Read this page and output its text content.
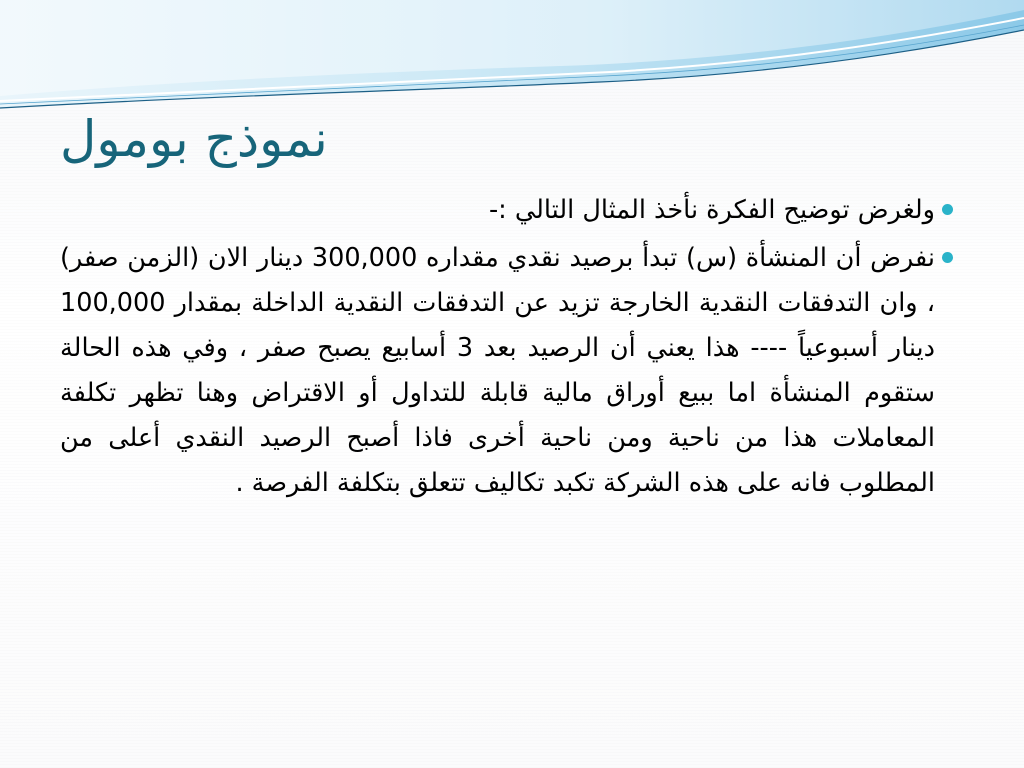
نموذج بومول
ولغرض توضيح الفكرة نأخذ المثال التالي :-
نفرض أن المنشأة (س) تبدأ برصيد نقدي مقداره 300,000 دينار الان (الزمن صفر) ، وان التدفقات النقدية الخارجة تزيد عن التدفقات النقدية الداخلة بمقدار 100,000 دينار أسبوعياً ---- هذا يعني أن الرصيد بعد 3 أسابيع يصبح صفر ، وفي هذه الحالة ستقوم المنشأة اما ببيع أوراق مالية قابلة للتداول أو الاقتراض وهنا تظهر تكلفة المعاملات هذا من ناحية ومن ناحية أخرى فاذا أصبح الرصيد النقدي أعلى من المطلوب فانه على هذه الشركة تكبد تكاليف تتعلق بتكلفة الفرصة .
